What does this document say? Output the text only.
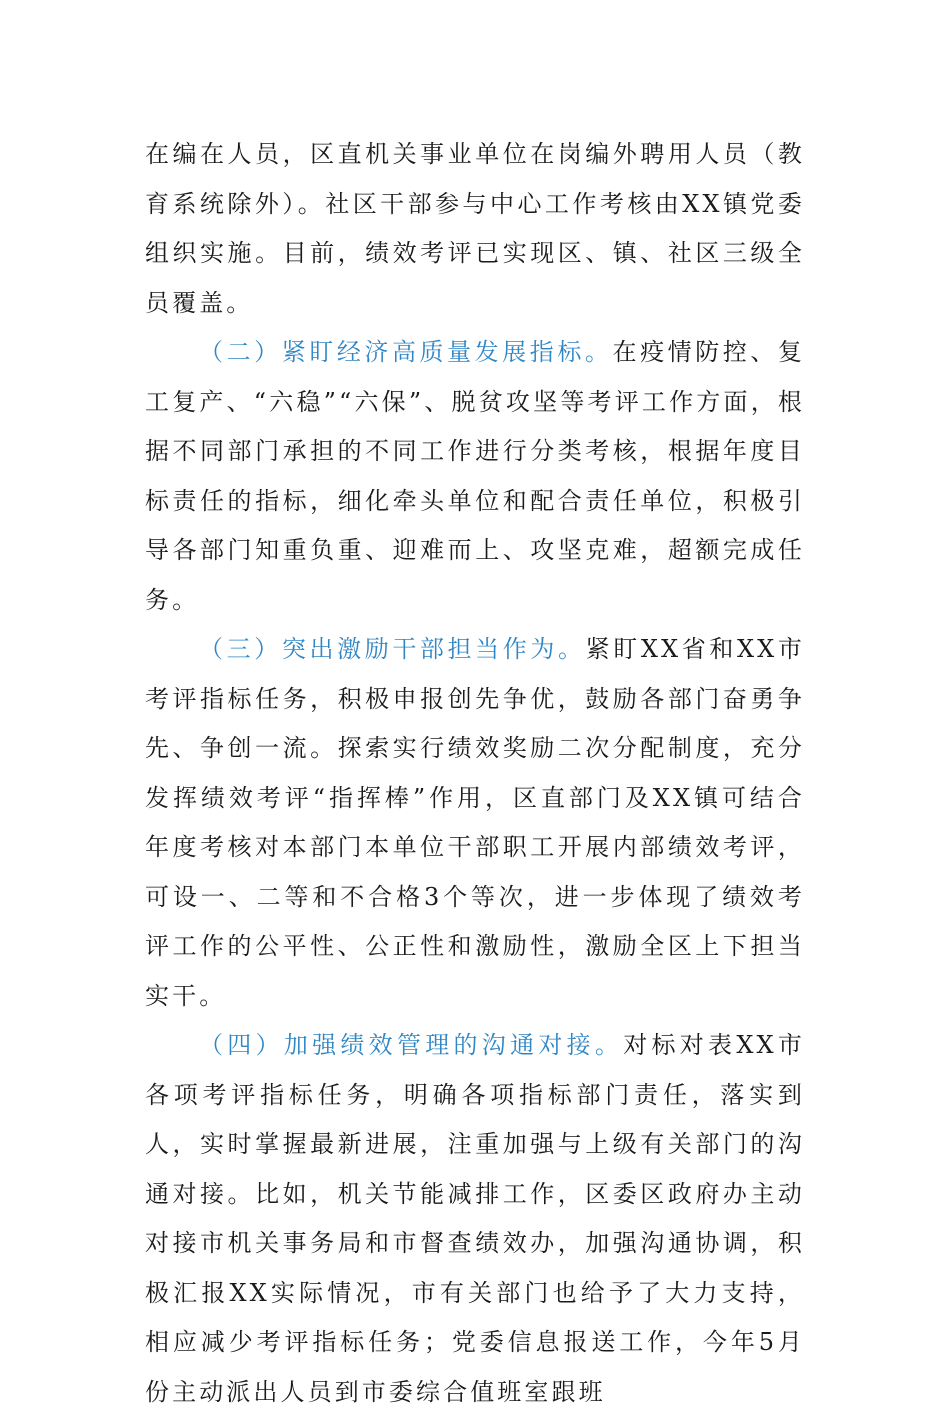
在编在人员，区直机关事业单位在岗编外聘用人员（教育系统除外）。社区干部参与中心工作考核由XX镇党委组织实施。目前，绩效考评已实现区、镇、社区三级全员覆盖。

（二）紧盯经济高质量发展指标。在疫情防控、复工复产、“六稳”“六保”、脱贫攻坚等考评工作方面，根据不同部门承担的不同工作进行分类考核，根据年度目标责任的指标，细化牵头单位和配合责任单位，积极引导各部门知重负重、迎难而上、攻坚克难，超额完成任务。

（三）突出激励干部担当作为。紧盯XX省和XX市考评指标任务，积极申报创先争优，鼓励各部门奋勇争先、争创一流。探索实行绩效奖励二次分配制度，充分发挥绩效考评“指挥棒”作用，区直部门及XX镇可结合年度考核对本部门本单位干部职工开展内部绩效考评，可设一、二等和不合格3个等次，进一步体现了绩效考评工作的公平性、公正性和激励性，激励全区上下担当实干。

（四）加强绩效管理的沟通对接。对标对表XX市各项考评指标任务，明确各项指标部门责任，落实到人，实时掌握最新进展，注重加强与上级有关部门的沟通对接。比如，机关节能减排工作，区委区政府办主动对接市机关事务局和市督查绩效办，加强沟通协调，积极汇报XX实际情况，市有关部门也给予了大力支持，相应减少考评指标任务；党委信息报送工作，今年5月份主动派出人员到市委综合值班室跟班
